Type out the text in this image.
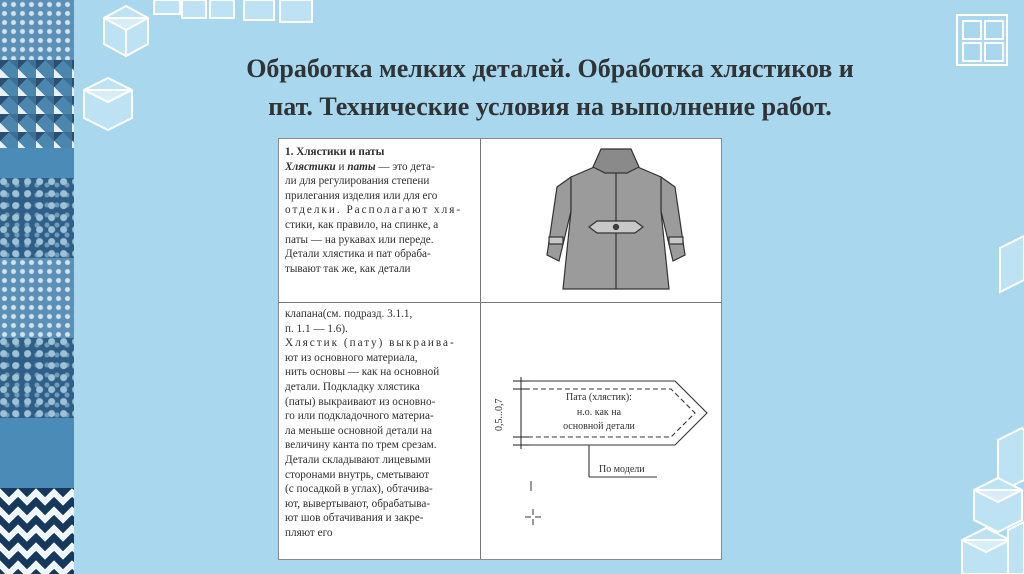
Обработка мелких деталей. Обработка хлястиков и
пат. Технические условия на выполнение работ.
1. Хлястики и паты
Хлястики и паты — это дета-
ли для регулирования степени
прилегания изделия или для его
отделки. Располагают хля-
стики, как правило, на спинке, а
паты — на рукавах или переде.
Детали хлястика и пат обраба-
тывают так же, как детали
клапана(см. подразд. 3.1.1,
п. 1.1 — 1.6).
Хлястик (пату) выкраива-
ют из основного материала,
нить основы — как на основной
детали. Подкладку хлястика
(паты) выкраивают из основно-
го или подкладочного материа-
ла меньше основной детали на
величину канта по трем срезам.
Детали складывают лицевыми
сторонами внутрь, сметывают
(с посадкой в углах), обтачива-
ют, вывертывают, обрабатыва-
ют шов обтачивания и закре-
пляют его
0,5...0,7
Пата (хлястик):
н.о. как на
основной детали
По модели
